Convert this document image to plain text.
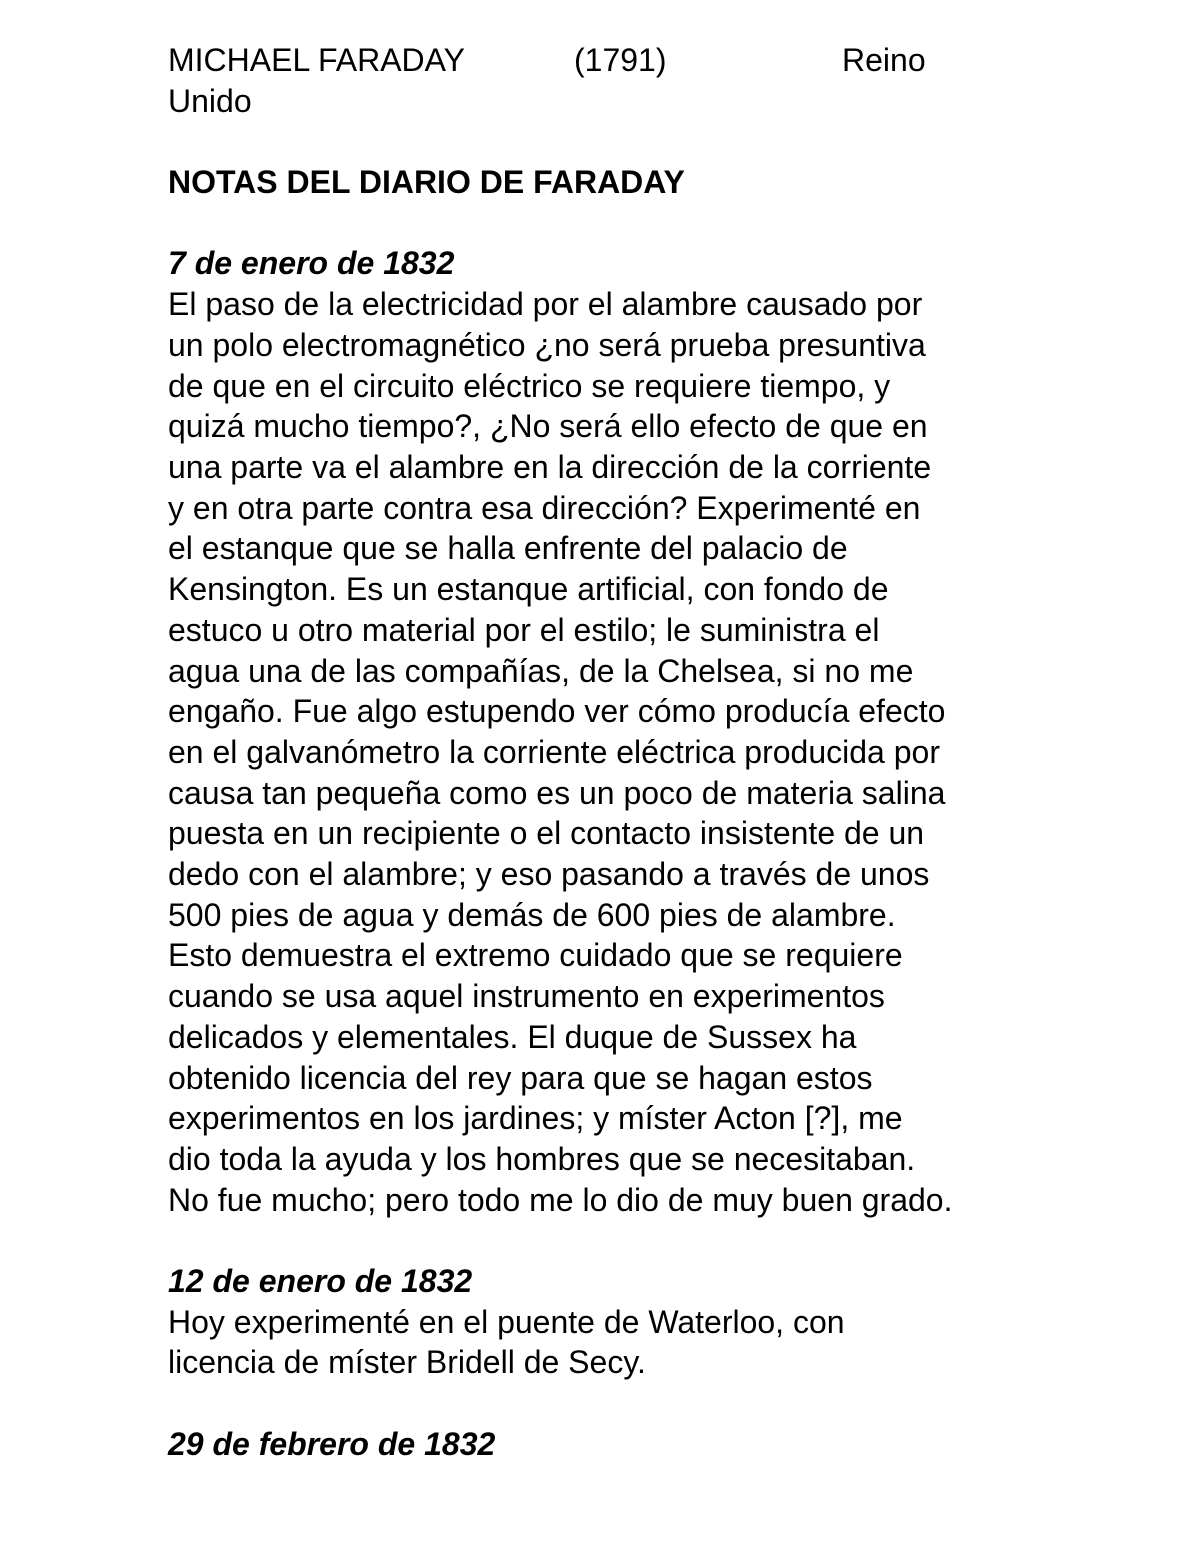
MICHAEL FARADAY	(1791)	Reino
Unido
NOTAS DEL DIARIO DE FARADAY
7 de enero de 1832
El paso de la electricidad por el alambre causado por
un polo electromagnético ¿no será prueba presuntiva
de que en el circuito eléctrico se requiere tiempo, y
quizá mucho tiempo?, ¿No será ello efecto de que en
una parte va el alambre en la dirección de la corriente
y en otra parte contra esa dirección? Experimenté en
el estanque que se halla enfrente del palacio de
Kensington. Es un estanque artificial, con fondo de
estuco u otro material por el estilo; le suministra el
agua una de las compañías, de la Chelsea, si no me
engaño. Fue algo estupendo ver cómo producía efecto
en el galvanómetro la corriente eléctrica producida por
causa tan pequeña como es un poco de materia salina
puesta en un recipiente o el contacto insistente de un
dedo con el alambre; y eso pasando a través de unos
500 pies de agua y demás de 600 pies de alambre.
Esto demuestra el extremo cuidado que se requiere
cuando se usa aquel instrumento en experimentos
delicados y elementales. El duque de Sussex ha
obtenido licencia del rey para que se hagan estos
experimentos en los jardines; y míster Acton [?], me
dio toda la ayuda y los hombres que se necesitaban.
No fue mucho; pero todo me lo dio de muy buen grado.
12 de enero de 1832
Hoy experimenté en el puente de Waterloo, con
licencia de míster Bridell de Secy.
29 de febrero de 1832
